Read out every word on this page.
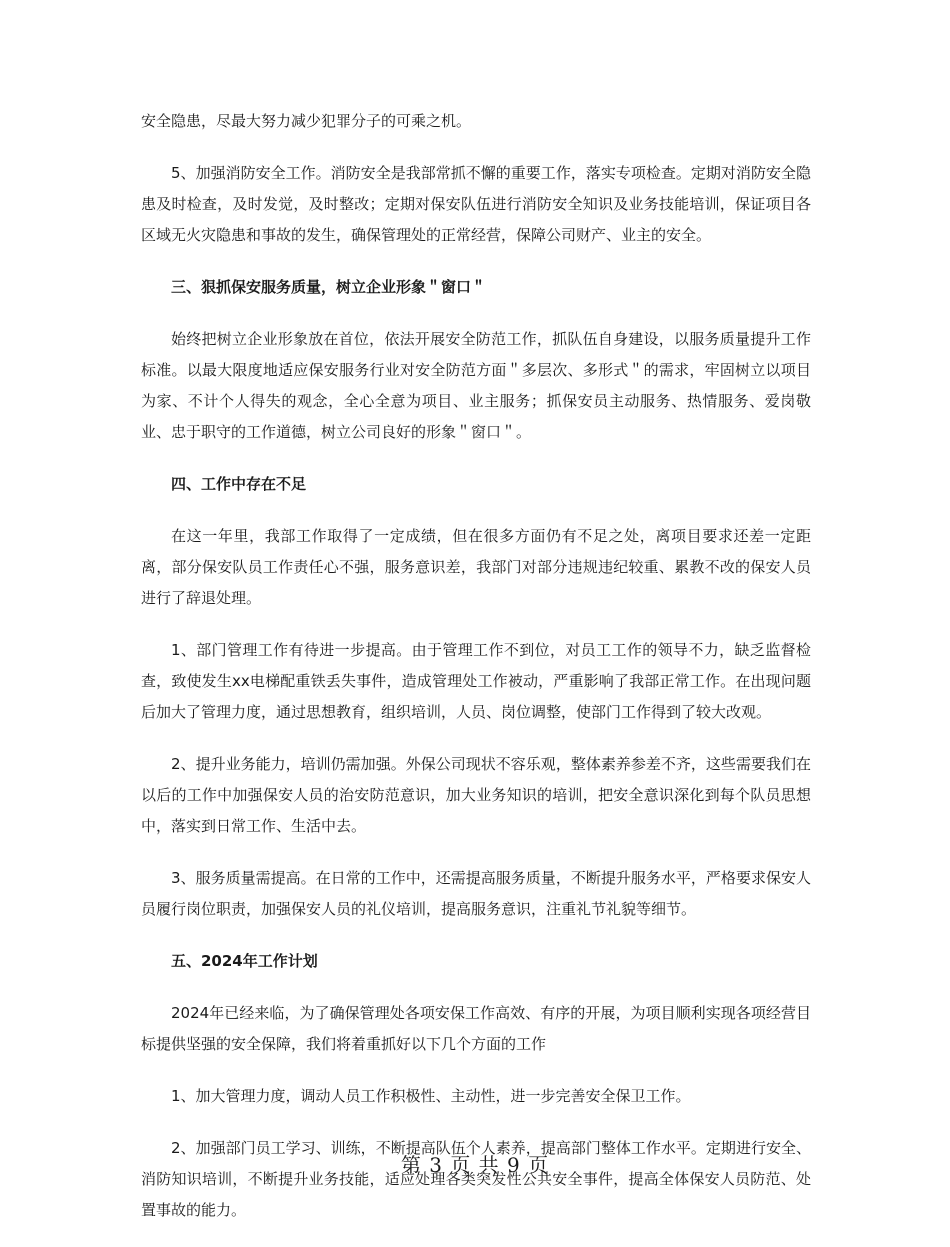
安全隐患，尽最大努力减少犯罪分子的可乘之机。

5、加强消防安全工作。消防安全是我部常抓不懈的重要工作，落实专项检查。定期对消防安全隐患及时检查，及时发觉，及时整改；定期对保安队伍进行消防安全知识及业务技能培训，保证项目各区域无火灾隐患和事故的发生，确保管理处的正常经营，保障公司财产、业主的安全。

三、狠抓保安服务质量，树立企业形象＂窗口＂

始终把树立企业形象放在首位，依法开展安全防范工作，抓队伍自身建设，以服务质量提升工作标准。以最大限度地适应保安服务行业对安全防范方面＂多层次、多形式＂的需求，牢固树立以项目为家、不计个人得失的观念，全心全意为项目、业主服务；抓保安员主动服务、热情服务、爱岗敬业、忠于职守的工作道德，树立公司良好的形象＂窗口＂。

四、工作中存在不足

在这一年里，我部工作取得了一定成绩，但在很多方面仍有不足之处，离项目要求还差一定距离，部分保安队员工作责任心不强，服务意识差，我部门对部分违规违纪较重、累教不改的保安人员进行了辞退处理。

1、部门管理工作有待进一步提高。由于管理工作不到位，对员工工作的领导不力，缺乏监督检查，致使发生xx电梯配重铁丢失事件，造成管理处工作被动，严重影响了我部正常工作。在出现问题后加大了管理力度，通过思想教育，组织培训，人员、岗位调整，使部门工作得到了较大改观。

2、提升业务能力，培训仍需加强。外保公司现状不容乐观，整体素养参差不齐，这些需要我们在以后的工作中加强保安人员的治安防范意识，加大业务知识的培训，把安全意识深化到每个队员思想中，落实到日常工作、生活中去。

3、服务质量需提高。在日常的工作中，还需提高服务质量，不断提升服务水平，严格要求保安人员履行岗位职责，加强保安人员的礼仪培训，提高服务意识，注重礼节礼貌等细节。

五、2024年工作计划

2024年已经来临，为了确保管理处各项安保工作高效、有序的开展，为项目顺利实现各项经营目标提供坚强的安全保障，我们将着重抓好以下几个方面的工作

1、加大管理力度，调动人员工作积极性、主动性，进一步完善安全保卫工作。

2、加强部门员工学习、训练，不断提高队伍个人素养，提高部门整体工作水平。定期进行安全、消防知识培训，不断提升业务技能，适应处理各类突发性公共安全事件，提高全体保安人员防范、处置事故的能力。

第 3 页 共 9 页
